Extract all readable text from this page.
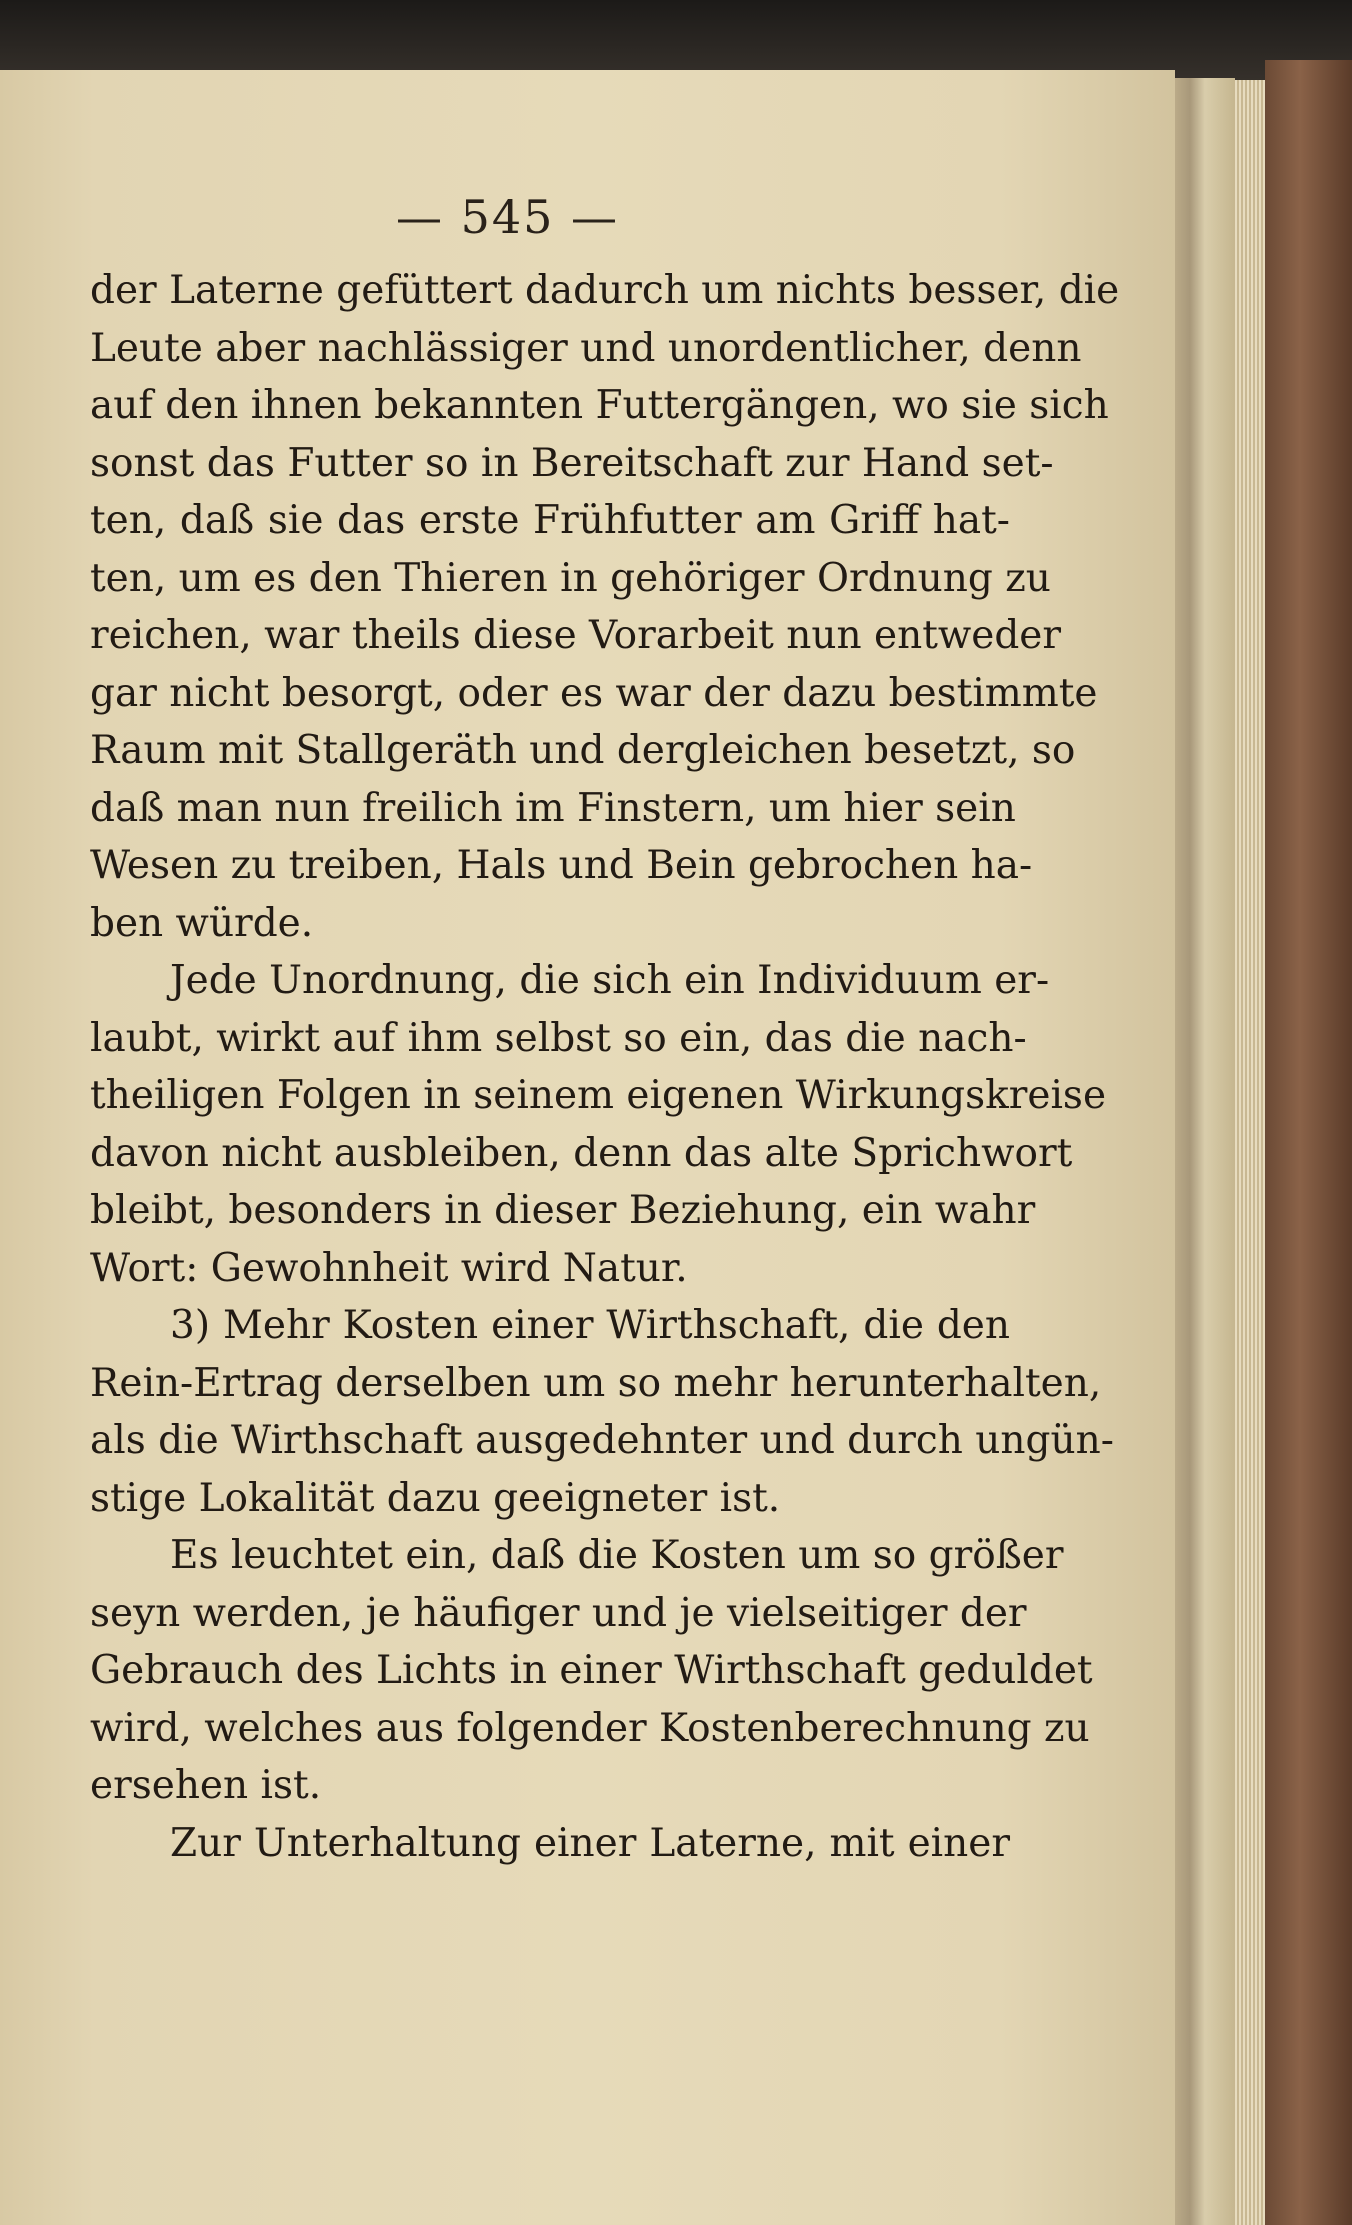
— 545 —
der Laterne gefüttert dadurch um nichts besser, die
Leute aber nachlässiger und unordentlicher, denn
auf den ihnen bekannten Futtergängen, wo sie sich
sonst das Futter so in Bereitschaft zur Hand set-
ten, daß sie das erste Frühfutter am Griff hat-
ten, um es den Thieren in gehöriger Ordnung zu
reichen, war theils diese Vorarbeit nun entweder
gar nicht besorgt, oder es war der dazu bestimmte
Raum mit Stallgeräth und dergleichen besetzt, so
daß man nun freilich im Finstern, um hier sein
Wesen zu treiben, Hals und Bein gebrochen ha-
ben würde.
Jede Unordnung, die sich ein Individuum er-
laubt, wirkt auf ihm selbst so ein, das die nach-
theiligen Folgen in seinem eigenen Wirkungskreise
davon nicht ausbleiben, denn das alte Sprichwort
bleibt, besonders in dieser Beziehung, ein wahr
Wort: Gewohnheit wird Natur.
3) Mehr Kosten einer Wirthschaft, die den
Rein-Ertrag derselben um so mehr herunterhalten,
als die Wirthschaft ausgedehnter und durch ungün-
stige Lokalität dazu geeigneter ist.
Es leuchtet ein, daß die Kosten um so größer
seyn werden, je häufiger und je vielseitiger der
Gebrauch des Lichts in einer Wirthschaft geduldet
wird, welches aus folgender Kostenberechnung zu
ersehen ist.
Zur Unterhaltung einer Laterne, mit einer
